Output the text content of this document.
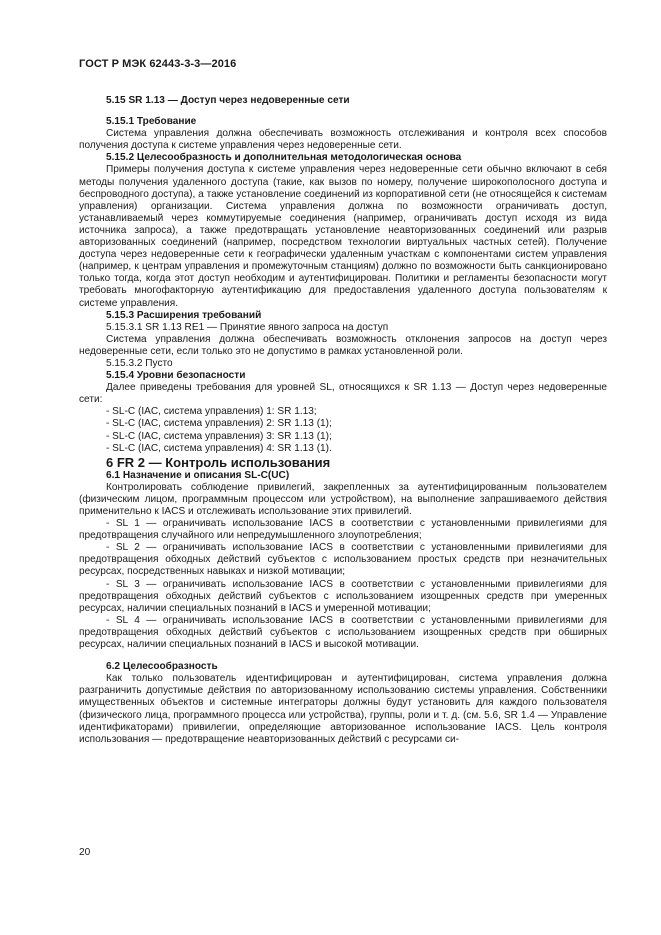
ГОСТ Р МЭК 62443-3-3—2016

5.15 SR 1.13 — Доступ через недоверенные сети

5.15.1 Требование

Система управления должна обеспечивать возможность отслеживания и контроля всех способов получения доступа к системе управления через недоверенные сети.

5.15.2 Целесообразность и дополнительная методологическая основа

Примеры получения доступа к системе управления через недоверенные сети обычно включают в себя методы получения удаленного доступа (такие, как вызов по номеру, получение широкополосного доступа и беспроводного доступа), а также установление соединений из корпоративной сети (не относящейся к системам управления) организации. Система управления должна по возможности ограничивать доступ, устанавливаемый через коммутируемые соединения (например, ограничивать доступ исходя из вида источника запроса), а также предотвращать установление неавторизованных соединений или разрыв авторизованных соединений (например, посредством технологии виртуальных частных сетей). Получение доступа через недоверенные сети к географически удаленным участкам с компонентами систем управления (например, к центрам управления и промежуточным станциям) должно по возможности быть санкционировано только тогда, когда этот доступ необходим и аутентифицирован. Политики и регламенты безопасности могут требовать многофакторную аутентификацию для предоставления удаленного доступа пользователям к системе управления.

5.15.3 Расширения требований

5.15.3.1 SR 1.13 RE1 — Принятие явного запроса на доступ

Система управления должна обеспечивать возможность отклонения запросов на доступ через недоверенные сети, если только это не допустимо в рамках установленной роли.

5.15.3.2 Пусто

5.15.4 Уровни безопасности

Далее приведены требования для уровней SL, относящихся к SR 1.13 — Доступ через недоверенные сети:

- SL-C (IAC, система управления) 1: SR 1.13;

- SL-C (IAC, система управления) 2: SR 1.13 (1);

- SL-C (IAC, система управления) 3: SR 1.13 (1);

- SL-C (IAC, система управления) 4: SR 1.13 (1).

6 FR 2 — Контроль использования

6.1 Назначение и описания SL-C(UC)

Контролировать соблюдение привилегий, закрепленных за аутентифицированным пользователем (физическим лицом, программным процессом или устройством), на выполнение запрашиваемого действия применительно к IACS и отслеживать использование этих привилегий.

- SL 1 — ограничивать использование IACS в соответствии с установленными привилегиями для предотвращения случайного или непредумышленного злоупотребления;

- SL 2 — ограничивать использование IACS в соответствии с установленными привилегиями для предотвращения обходных действий субъектов с использованием простых средств при незначительных ресурсах, посредственных навыках и низкой мотивации;

- SL 3 — ограничивать использование IACS в соответствии с установленными привилегиями для предотвращения обходных действий субъектов с использованием изощренных средств при умеренных ресурсах, наличии специальных познаний в IACS и умеренной мотивации;

- SL 4 — ограничивать использование IACS в соответствии с установленными привилегиями для предотвращения обходных действий субъектов с использованием изощренных средств при обширных ресурсах, наличии специальных познаний в IACS и высокой мотивации.

6.2 Целесообразность

Как только пользователь идентифицирован и аутентифицирован, система управления должна разграничить допустимые действия по авторизованному использованию системы управления. Собственники имущественных объектов и системные интеграторы должны будут установить для каждого пользователя (физического лица, программного процесса или устройства), группы, роли и т. д. (см. 5.6, SR 1.4 — Управление идентификаторами) привилегии, определяющие авторизованное использование IACS. Цель контроля использования — предотвращение неавторизованных действий с ресурсами си-

20
